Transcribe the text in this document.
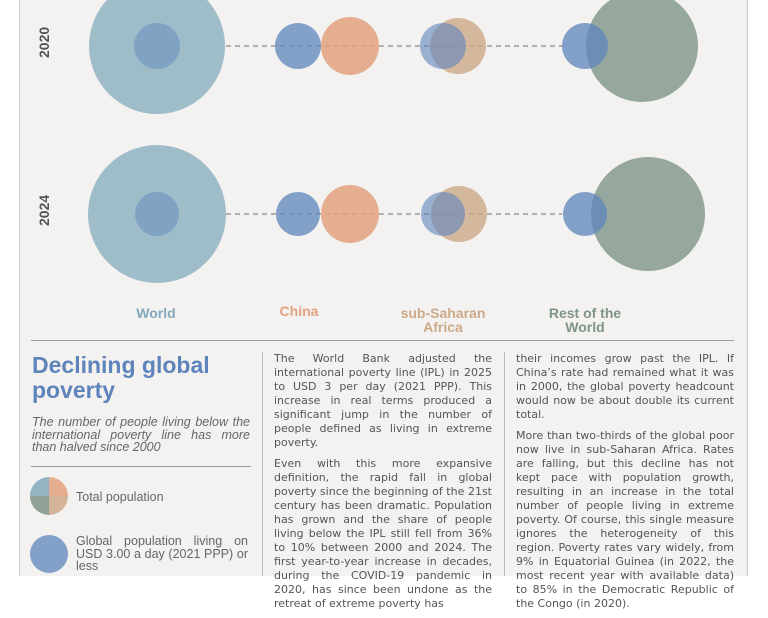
2020
2024
World	China	sub-Saharan
Africa
Rest of the
World
Declining global poverty
The number of people living below the international poverty line has more than halved since 2000
Total population
Global population living on USD 3.00 a day (2021 PPP) or less

The World Bank adjusted the international poverty line (IPL) in 2025 to USD 3 per day (2021 PPP). This increase in real terms produced a significant jump in the number of people defined as living in extreme poverty.

Even with this more expansive definition, the rapid fall in global poverty since the beginning of the 21st century has been dramatic. Population has grown and the share of people living below the IPL still fell from 36% to 10% between 2000 and 2024. The first year-to-year increase in decades, during the COVID-19 pandemic in 2020, has since been undone as the retreat of extreme poverty has

their incomes grow past the IPL. If China’s rate had remained what it was in 2000, the global poverty headcount would now be about double its current total.

More than two-thirds of the global poor now live in sub-Saharan Africa. Rates are falling, but this decline has not kept pace with population growth, resulting in an increase in the total number of people living in extreme poverty. Of course, this single measure ignores the heterogeneity of this region. Poverty rates vary widely, from 9% in Equatorial Guinea (in 2022, the most recent year with available data) to 85% in the Democratic Republic of the Congo (in 2020).
